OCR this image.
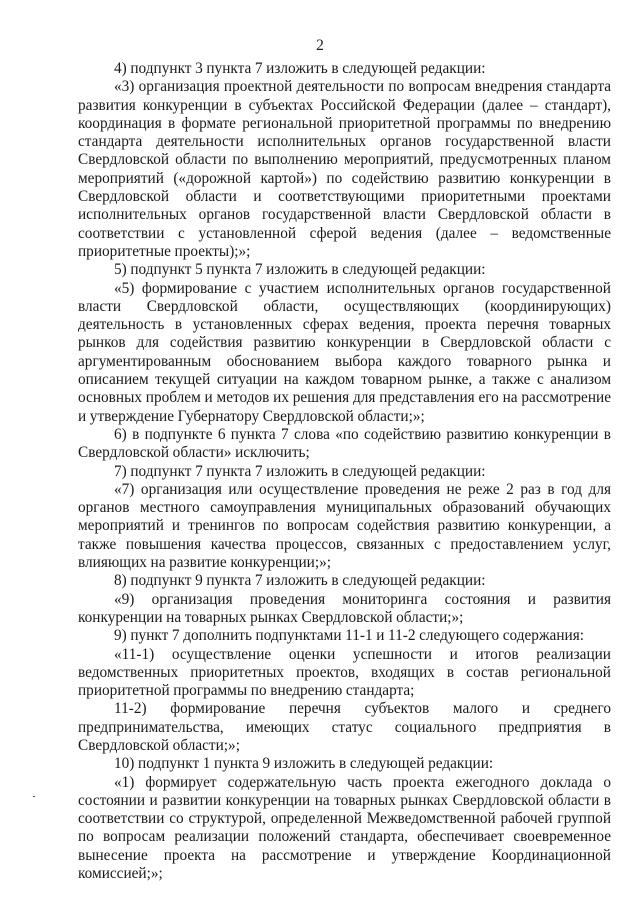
2

4) подпункт 3 пункта 7 изложить в следующей редакции:

«3) организация проектной деятельности по вопросам внедрения стандарта развития конкуренции в субъектах Российской Федерации (далее – стандарт), координация в формате региональной приоритетной программы по внедрению стандарта деятельности исполнительных органов государственной власти Свердловской области по выполнению мероприятий, предусмотренных планом мероприятий («дорожной картой») по содействию развитию конкуренции в Свердловской области и соответствующими приоритетными проектами исполнительных органов государственной власти Свердловской области в соответствии с установленной сферой ведения (далее – ведомственные приоритетные проекты);»;

5) подпункт 5 пункта 7 изложить в следующей редакции:

«5) формирование с участием исполнительных органов государственной власти Свердловской области, осуществляющих (координирующих) деятельность в установленных сферах ведения, проекта перечня товарных рынков для содействия развитию конкуренции в Свердловской области с аргументированным обоснованием выбора каждого товарного рынка и описанием текущей ситуации на каждом товарном рынке, а также с анализом основных проблем и методов их решения для представления его на рассмотрение и утверждение Губернатору Свердловской области;»;

6) в подпункте 6 пункта 7 слова «по содействию развитию конкуренции в Свердловской области» исключить;

7) подпункт 7 пункта 7 изложить в следующей редакции:

«7) организация или осуществление проведения не реже 2 раз в год для органов местного самоуправления муниципальных образований обучающих мероприятий и тренингов по вопросам содействия развитию конкуренции, а также повышения качества процессов, связанных с предоставлением услуг, влияющих на развитие конкуренции;»;

8) подпункт 9 пункта 7 изложить в следующей редакции:

«9) организация проведения мониторинга состояния и развития конкуренции на товарных рынках Свердловской области;»;

9) пункт 7 дополнить подпунктами 11-1 и 11-2 следующего содержания:

«11-1) осуществление оценки успешности и итогов реализации ведомственных приоритетных проектов, входящих в состав региональной приоритетной программы по внедрению стандарта;

11-2) формирование перечня субъектов малого и среднего предпринимательства, имеющих статус социального предприятия в Свердловской области;»;

10) подпункт 1 пункта 9 изложить в следующей редакции:

«1) формирует содержательную часть проекта ежегодного доклада о состоянии и развитии конкуренции на товарных рынках Свердловской области в соответствии со структурой, определенной Межведомственной рабочей группой по вопросам реализации положений стандарта, обеспечивает своевременное вынесение проекта на рассмотрение и утверждение Координационной комиссией;»;
